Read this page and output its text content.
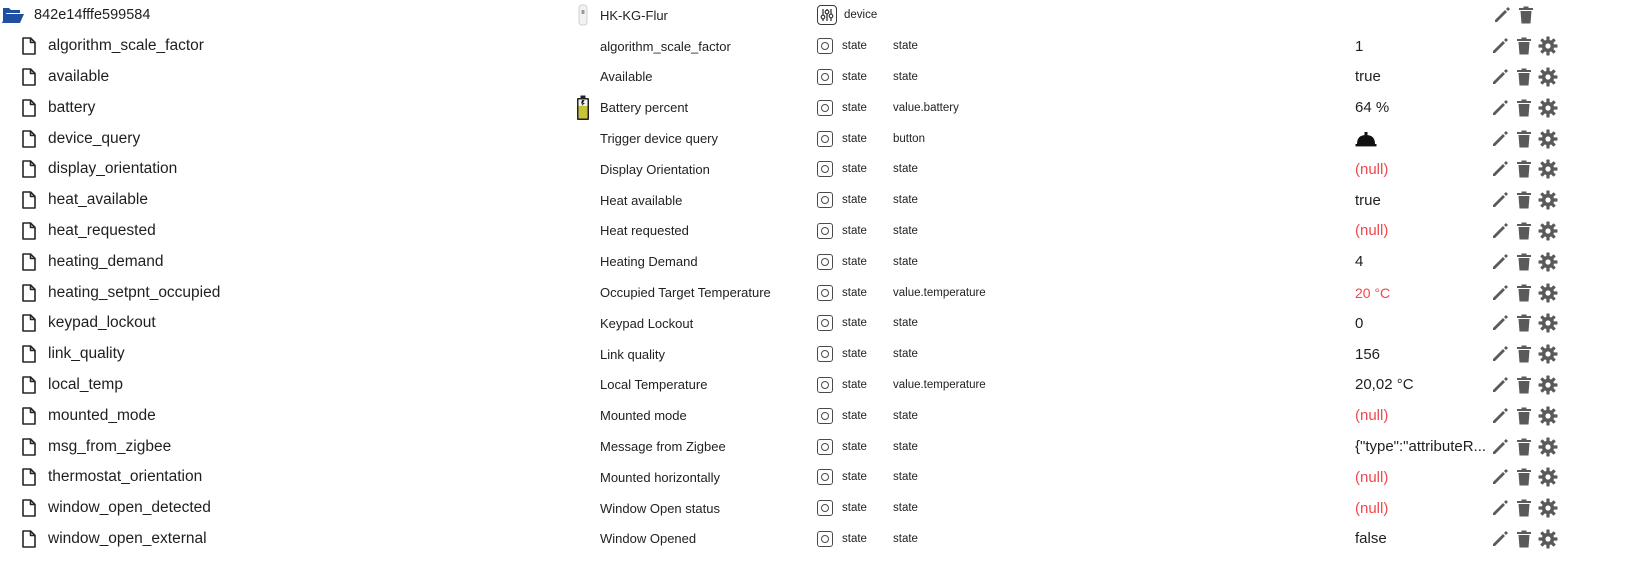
842e14fffe599584	HK-KG-Flur	device
algorithm_scale_factor	algorithm_scale_factor	state state	1
available	Available	state state	true
battery	Battery percent	state value.battery	64 %
device_query	Trigger device query	state button
display_orientation	Display Orientation	state state	(null)
heat_available	Heat available	state state	true
heat_requested	Heat requested	state state	(null)
heating_demand	Heating Demand	state state	4
heating_setpnt_occupied	Occupied Target Temperature	state value.temperature	20 °C
keypad_lockout	Keypad Lockout	state state	0
link_quality	Link quality	state state	156
local_temp	Local Temperature	state value.temperature	20,02 °C
mounted_mode	Mounted mode	state state	(null)
msg_from_zigbee	Message from Zigbee	state state	{"type":"attributeR...
thermostat_orientation	Mounted horizontally	state state	(null)
window_open_detected	Window Open status	state state	(null)
window_open_external	Window Opened	state state	false
